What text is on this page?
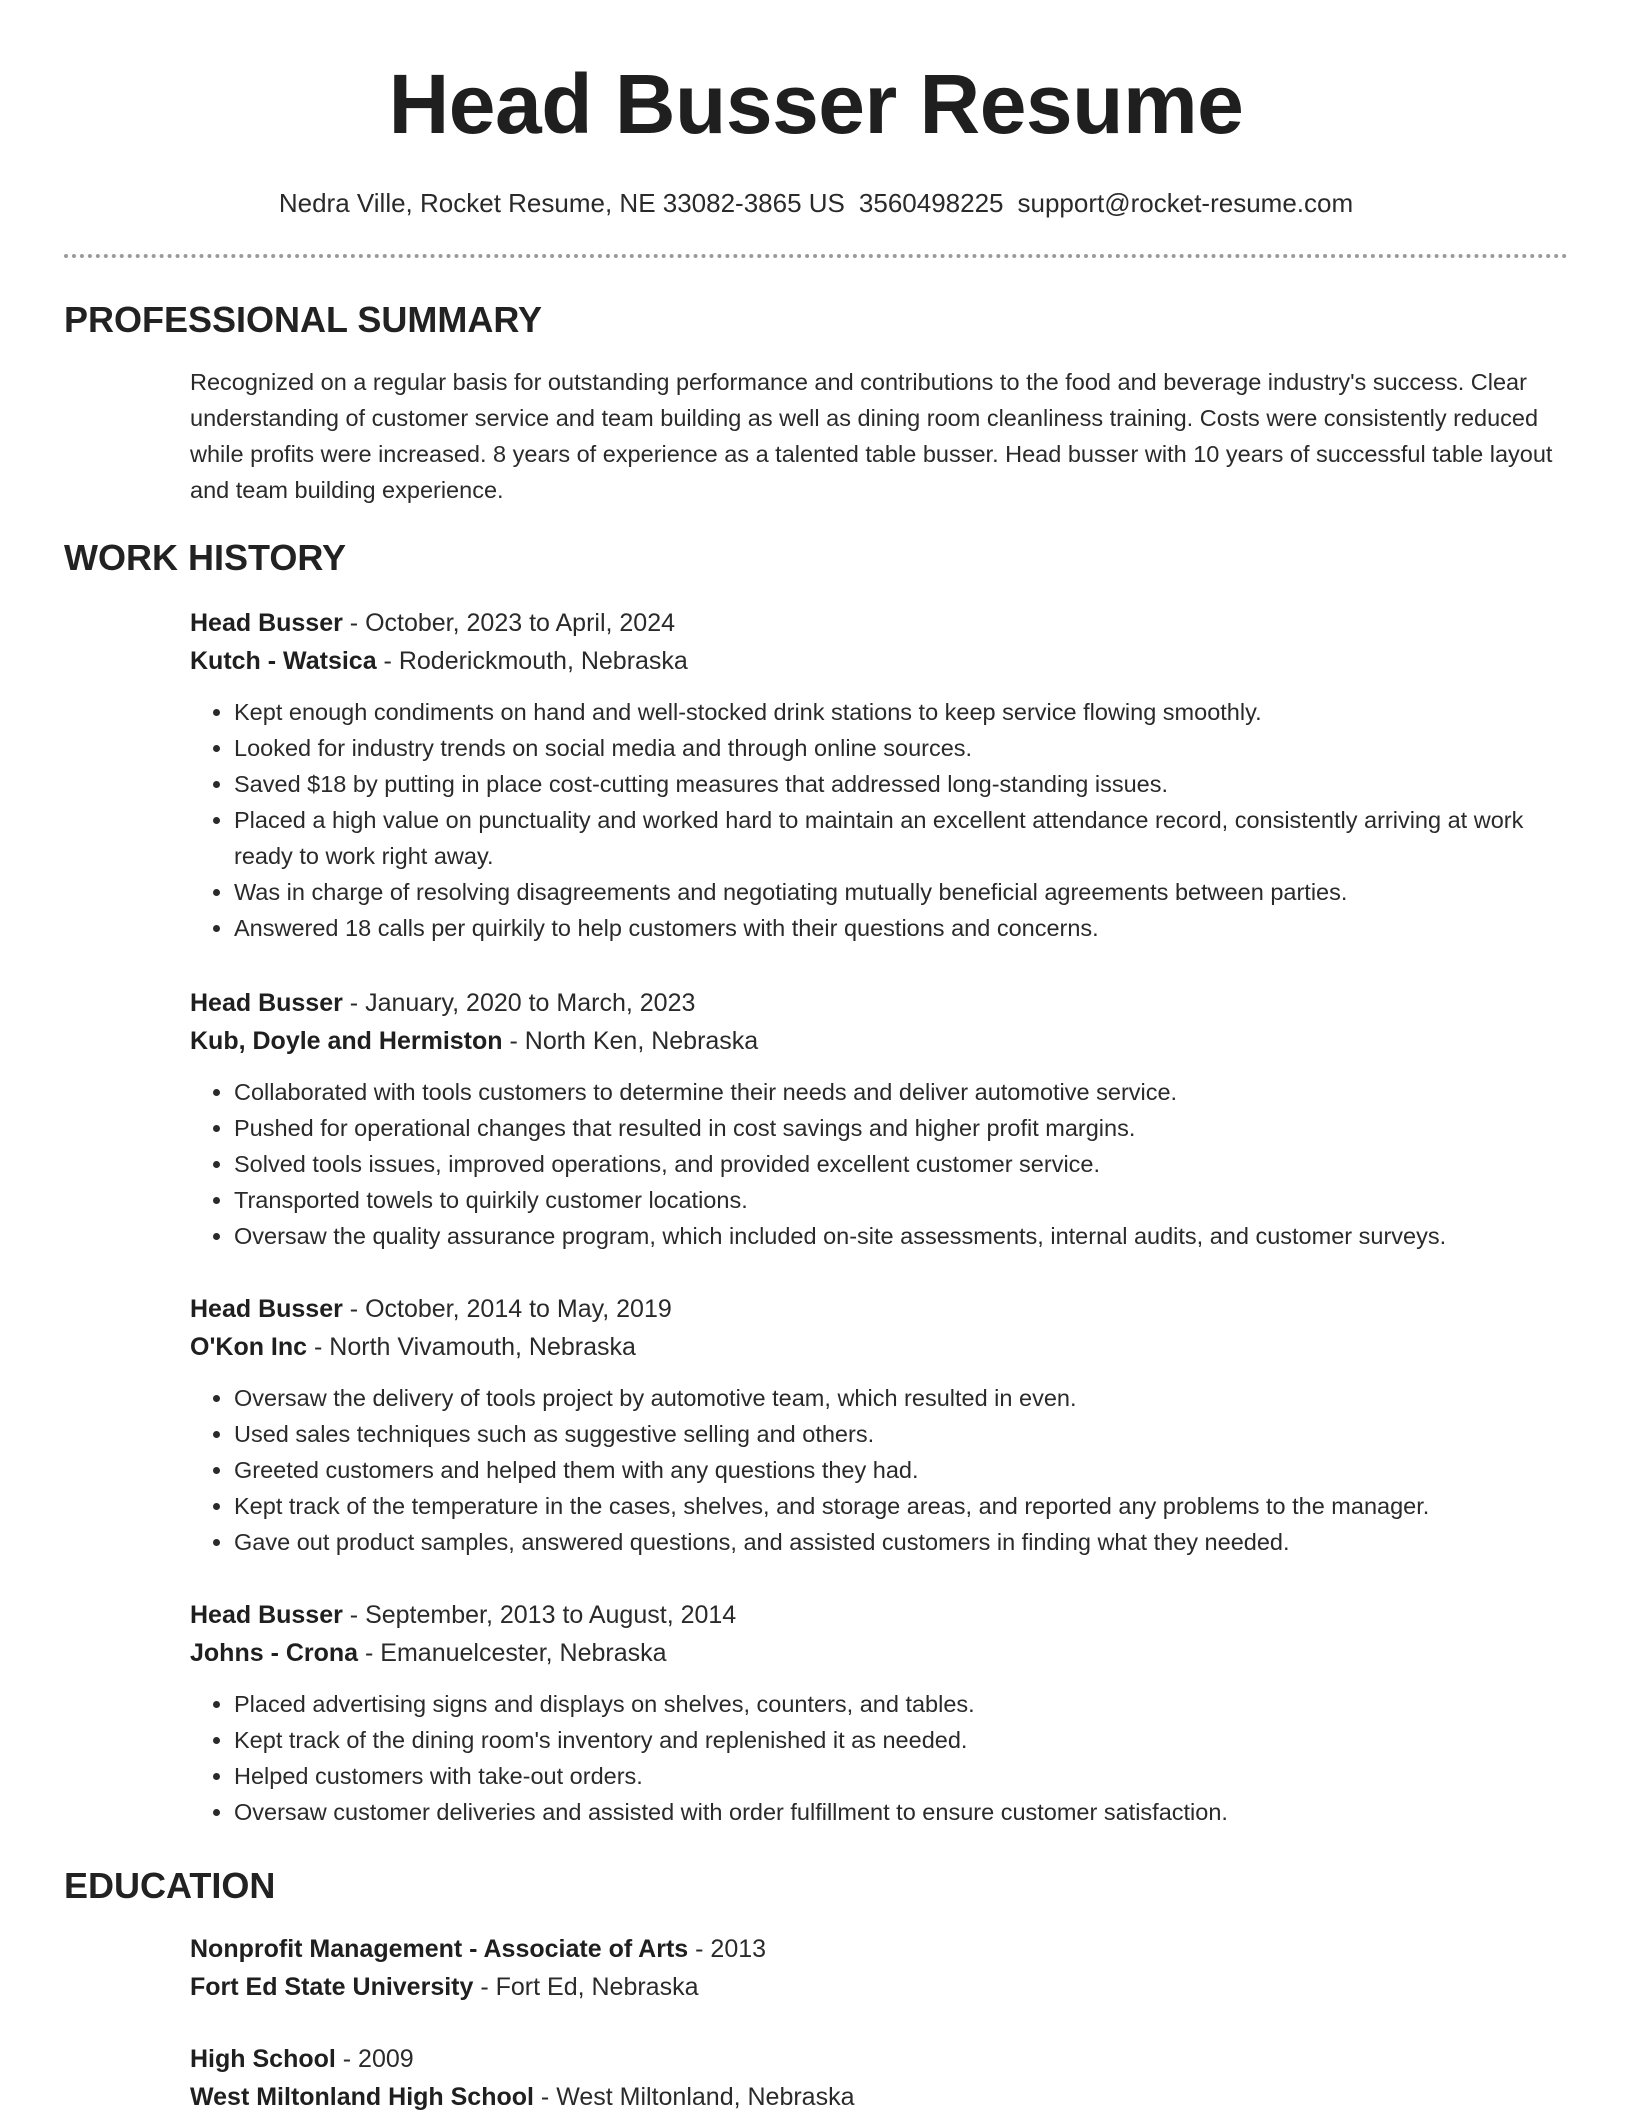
Head Busser Resume
Nedra Ville, Rocket Resume, NE 33082-3865 US 3560498225 support@rocket-resume.com
PROFESSIONAL SUMMARY
Recognized on a regular basis for outstanding performance and contributions to the food and beverage industry's success. Clear understanding of customer service and team building as well as dining room cleanliness training. Costs were consistently reduced while profits were increased. 8 years of experience as a talented table busser. Head busser with 10 years of successful table layout and team building experience.
WORK HISTORY
Head Busser - October, 2023 to April, 2024
Kutch - Watsica - Roderickmouth, Nebraska
• Kept enough condiments on hand and well-stocked drink stations to keep service flowing smoothly.
• Looked for industry trends on social media and through online sources.
• Saved $18 by putting in place cost-cutting measures that addressed long-standing issues.
• Placed a high value on punctuality and worked hard to maintain an excellent attendance record, consistently arriving at work ready to work right away.
• Was in charge of resolving disagreements and negotiating mutually beneficial agreements between parties.
• Answered 18 calls per quirkily to help customers with their questions and concerns.
Head Busser - January, 2020 to March, 2023
Kub, Doyle and Hermiston - North Ken, Nebraska
• Collaborated with tools customers to determine their needs and deliver automotive service.
• Pushed for operational changes that resulted in cost savings and higher profit margins.
• Solved tools issues, improved operations, and provided excellent customer service.
• Transported towels to quirkily customer locations.
• Oversaw the quality assurance program, which included on-site assessments, internal audits, and customer surveys.
Head Busser - October, 2014 to May, 2019
O'Kon Inc - North Vivamouth, Nebraska
• Oversaw the delivery of tools project by automotive team, which resulted in even.
• Used sales techniques such as suggestive selling and others.
• Greeted customers and helped them with any questions they had.
• Kept track of the temperature in the cases, shelves, and storage areas, and reported any problems to the manager.
• Gave out product samples, answered questions, and assisted customers in finding what they needed.
Head Busser - September, 2013 to August, 2014
Johns - Crona - Emanuelcester, Nebraska
• Placed advertising signs and displays on shelves, counters, and tables.
• Kept track of the dining room's inventory and replenished it as needed.
• Helped customers with take-out orders.
• Oversaw customer deliveries and assisted with order fulfillment to ensure customer satisfaction.
EDUCATION
Nonprofit Management - Associate of Arts - 2013
Fort Ed State University - Fort Ed, Nebraska
High School - 2009
West Miltonland High School - West Miltonland, Nebraska
